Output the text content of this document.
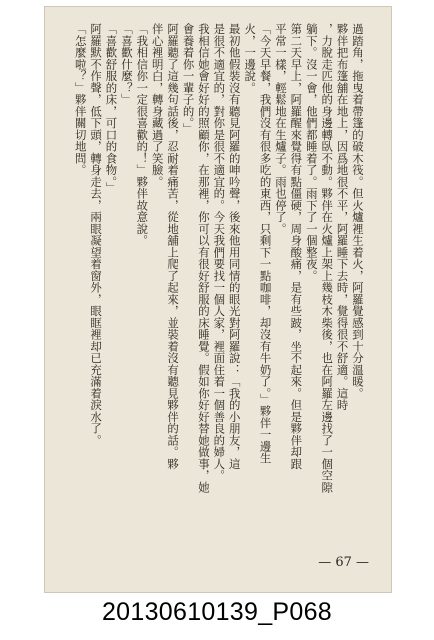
過踏角，拖曳着帶篷的破木筏。但火爐裡生着火，阿羅覺感到十分溫暖。
夥伴把布篷舖在地上，因爲地很不平，阿羅睡下去時，覺得很不舒適。這時
，力脫走匹他的身邊轉臥不動。夥伴在火爐上架上幾枝木柴後，也在阿羅左邊找了一個空隙
躺下。沒一會，他們都睡着了。雨下了一個整夜。
第二天早上，阿羅醒來覺得有點僵硬，周身酸痛，是有些跛，坐不起來。但是夥伴却跟
平常一樣，輕鬆地在生爐子。雨也停了。
「今天早餐，我們沒有很多吃的東西，只剩下一點咖啡，却沒有牛奶了。」夥伴一邊生
火，一邊說。
最初他假裝沒有聽見阿羅的呻吟聲，後來他用同情的眼光對阿羅說：「我的小朋友，這
是很不適宜的，對你是很不適宜的。今天我們要找一個人家，裡面住着一個善良的婦人。
我相信她會好好的照顧你，在那裡，你可以有很好舒服的床睡覺。假如你好好替她做事，她
會養着你一輩子的。」
阿羅聽了這幾句話後，忍耐着痛苦，從地舖上爬了起來，並裝着沒有聽見夥伴的話。夥
伴心裡明白，轉身藏過了笑臉。
「我相信你一定很喜歡的！」夥伴故意說。
「喜歡什麼？」
「喜歡舒服的床，可口的食物。」
阿羅默不作聲，低下頭，轉身走去，兩眼凝望着窗外，眼眶裡却已充滿着淚水了。
「怎麼啦？」夥伴關切地問。

— 67 —
20130610139_P068
